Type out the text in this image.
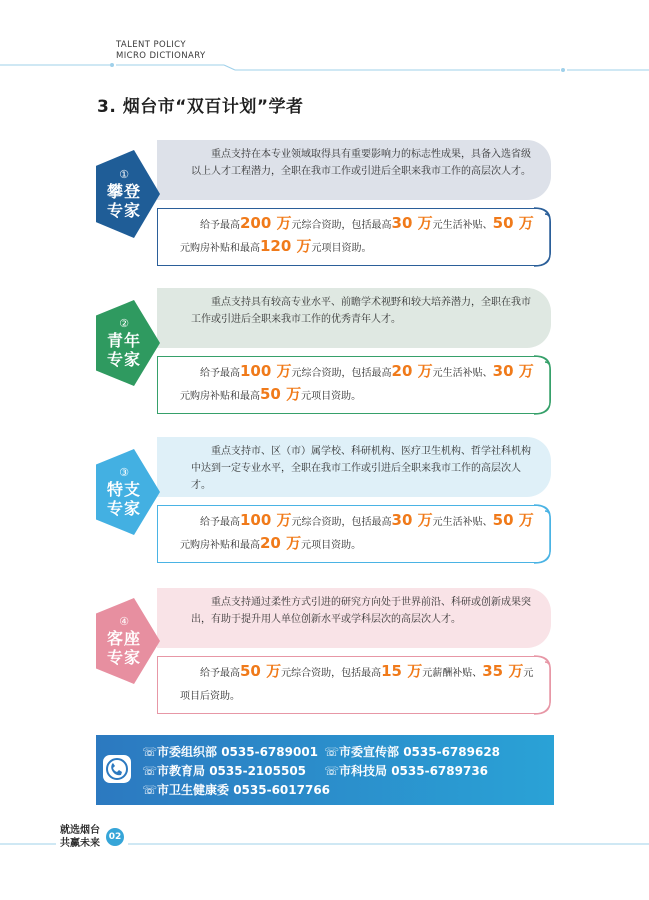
TALENT POLICY
MICRO DICTIONARY
3. 烟台市“双百计划”学者
重点支持在本专业领域取得具有重要影响力的标志性成果，具备入选省级以上人才工程潜力，全职在我市工作或引进后全职来我市工作的高层次人才。
给予最高200 万元综合资助，包括最高30 万元生活补贴、50 万元购房补贴和最高120 万元项目资助。
①
攀登
专家
重点支持具有较高专业水平、前瞻学术视野和较大培养潜力，全职在我市工作或引进后全职来我市工作的优秀青年人才。
给予最高100 万元综合资助，包括最高20 万元生活补贴、30 万元购房补贴和最高50 万元项目资助。
②
青年
专家
重点支持市、区（市）属学校、科研机构、医疗卫生机构、哲学社科机构中达到一定专业水平，全职在我市工作或引进后全职来我市工作的高层次人才。
给予最高100 万元综合资助，包括最高30 万元生活补贴、50 万元购房补贴和最高20 万元项目资助。
③
特支
专家
重点支持通过柔性方式引进的研究方向处于世界前沿、科研或创新成果突出，有助于提升用人单位创新水平或学科层次的高层次人才。
给予最高50 万元综合资助，包括最高15 万元薪酬补贴、35 万元项目后资助。
④
客座
专家
☏市委组织部 0535-6789001 ☏市委宣传部 0535-6789628
☏市教育局 0535-2105505 ☏市科技局 0535-6789736
☏市卫生健康委 0535-6017766
就选烟台
共赢未来
02
